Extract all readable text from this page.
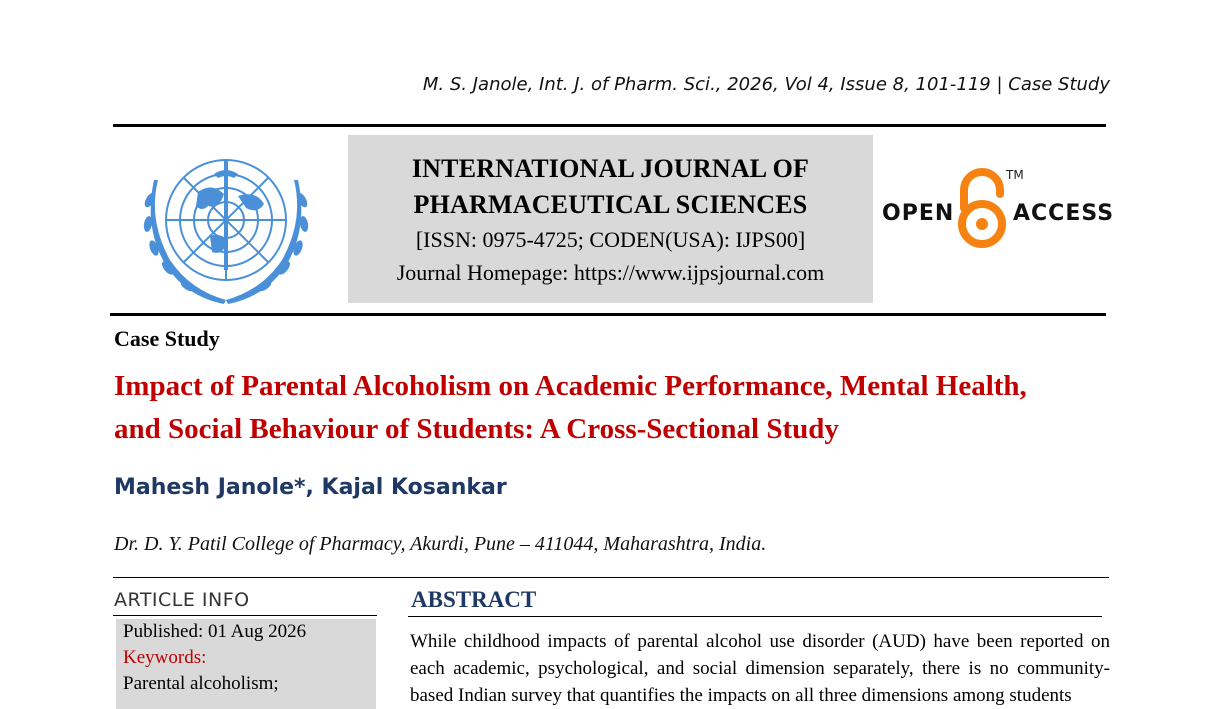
M. S. Janole, Int. J. of Pharm. Sci., 2026, Vol 4, Issue 8, 101-119 | Case Study
INTERNATIONAL JOURNAL OF
PHARMACEUTICAL SCIENCES
[ISSN: 0975-4725; CODEN(USA): IJPS00]
Journal Homepage: https://www.ijpsjournal.com
OPEN
TM
ACCESS
Case Study
Impact of Parental Alcoholism on Academic Performance, Mental Health, and Social Behaviour of Students: A Cross-Sectional Study
Mahesh Janole*, Kajal Kosankar
Dr. D. Y. Patil College of Pharmacy, Akurdi, Pune – 411044, Maharashtra, India.
ARTICLE INFO
Published: 01 Aug 2026
Keywords:
Parental alcoholism;
ABSTRACT
While childhood impacts of parental alcohol use disorder (AUD) have been reported on each academic, psychological, and social dimension separately, there is no community-based Indian survey that quantifies the impacts on all three dimensions among students
